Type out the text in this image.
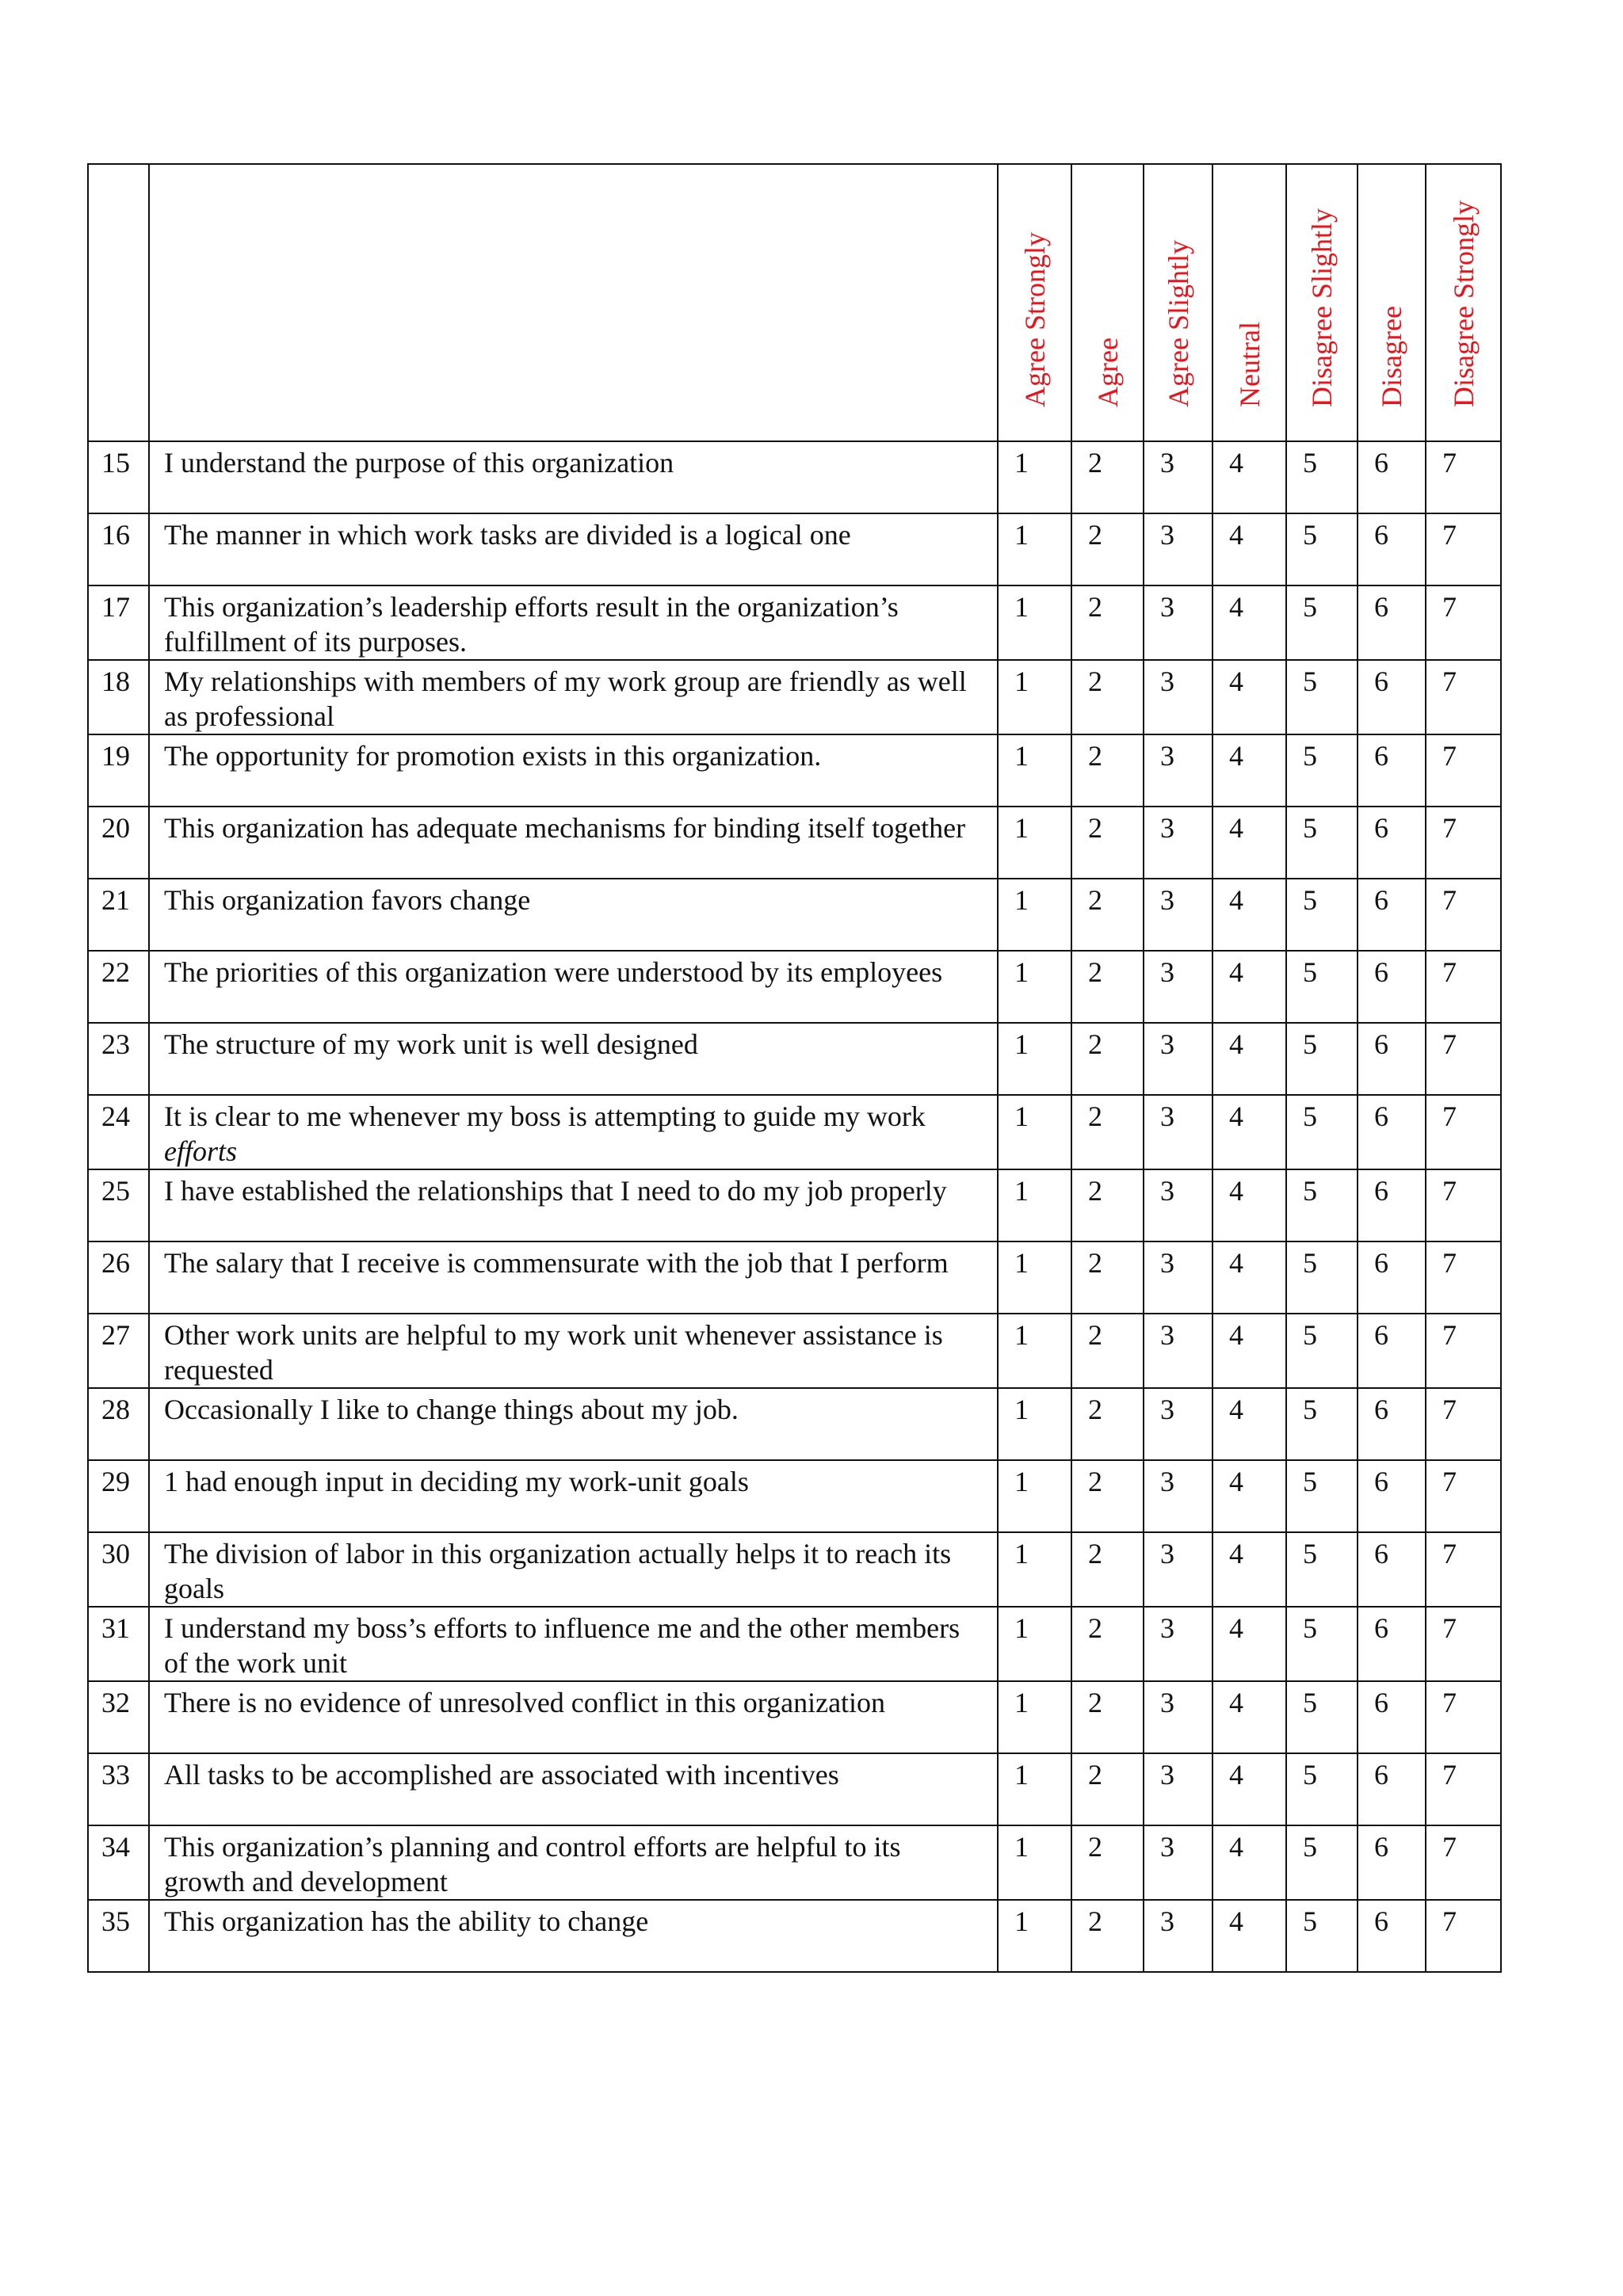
		Agree Strongly	Agree	Agree Slightly	Neutral	Disagree Slightly	Disagree	Disagree Strongly

15	I understand the purpose of this organization	1	2	3	4	5	6	7
16	The manner in which work tasks are divided is a logical one	1	2	3	4	5	6	7
17	This organization’s leadership efforts result in the organization’s fulfillment of its purposes.	1	2	3	4	5	6	7
18	My relationships with members of my work group are friendly as well as professional	1	2	3	4	5	6	7
19	The opportunity for promotion exists in this organization.	1	2	3	4	5	6	7
20	This organization has adequate mechanisms for binding itself together	1	2	3	4	5	6	7
21	This organization favors change	1	2	3	4	5	6	7
22	The priorities of this organization were understood by its employees	1	2	3	4	5	6	7
23	The structure of my work unit is well designed	1	2	3	4	5	6	7
24	It is clear to me whenever my boss is attempting to guide my work efforts	1	2	3	4	5	6	7
25	I have established the relationships that I need to do my job properly	1	2	3	4	5	6	7
26	The salary that I receive is commensurate with the job that I perform	1	2	3	4	5	6	7
27	Other work units are helpful to my work unit whenever assistance is requested	1	2	3	4	5	6	7
28	Occasionally I like to change things about my job.	1	2	3	4	5	6	7
29	1 had enough input in deciding my work-unit goals	1	2	3	4	5	6	7
30	The division of labor in this organization actually helps it to reach its goals	1	2	3	4	5	6	7
31	I understand my boss’s efforts to influence me and the other members of the work unit	1	2	3	4	5	6	7
32	There is no evidence of unresolved conflict in this organization	1	2	3	4	5	6	7
33	All tasks to be accomplished are associated with incentives	1	2	3	4	5	6	7
34	This organization’s planning and control efforts are helpful to its growth and development	1	2	3	4	5	6	7
35	This organization has the ability to change	1	2	3	4	5	6	7
